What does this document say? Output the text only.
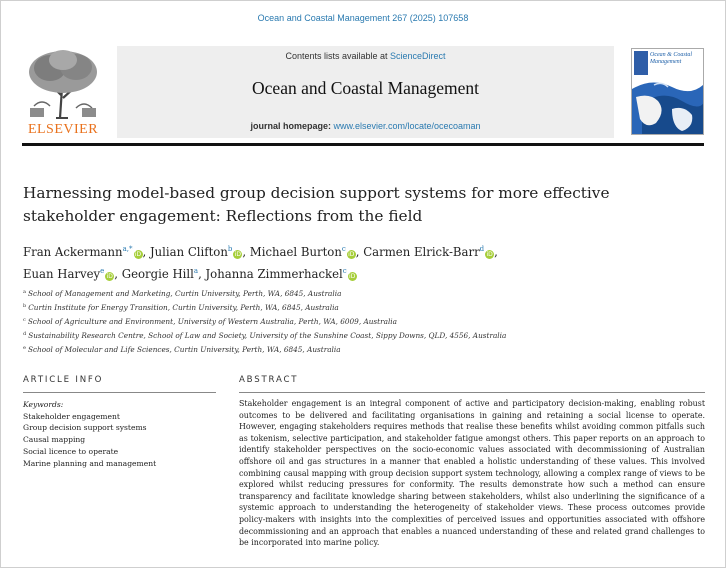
Ocean and Coastal Management 267 (2025) 107658
ELSEVIER
Contents lists available at ScienceDirect
Ocean and Coastal Management
journal homepage: www.elsevier.com/locate/ocecoaman
Ocean & Coastal Management
Harnessing model-based group decision support systems for more effective stakeholder engagement: Reflections from the field
Fran Ackermann$^{a,*}$iD, Julian Clifton$^b$iD, Michael Burton$^c$iD, Carmen Elrick-Barr$^d$iD,
Euan Harvey$^e$iD, Georgie Hill$^a$, Johanna Zimmerhackel$^c$iD
$^a$ School of Management and Marketing, Curtin University, Perth, WA, 6845, Australia
$^b$ Curtin Institute for Energy Transition, Curtin University, Perth, WA, 6845, Australia
$^c$ School of Agriculture and Environment, University of Western Australia, Perth, WA, 6009, Australia
$^d$ Sustainability Research Centre, School of Law and Society, University of the Sunshine Coast, Sippy Downs, QLD, 4556, Australia
$^e$ School of Molecular and Life Sciences, Curtin University, Perth, WA, 6845, Australia
ARTICLE INFO	ABSTRACT
Keywords:
Stakeholder engagement
Group decision support systems
Causal mapping
Social licence to operate
Marine planning and management
Stakeholder engagement is an integral component of active and participatory decision-making, enabling robust outcomes to be delivered and facilitating organisations in gaining and retaining a social license to operate. However, engaging stakeholders requires methods that realise these benefits whilst avoiding common pitfalls such as tokenism, selective participation, and stakeholder fatigue amongst others. This paper reports on an approach to identify stakeholder perspectives on the socio-economic values associated with decommissioning of Australian offshore oil and gas structures in a manner that enabled a holistic understanding of these values. This involved combining causal mapping with group decision support system technology, allowing a complex range of views to be explored whilst reducing pressures for conformity. The results demonstrate how such a method can ensure transparency and facilitate knowledge sharing between stakeholders, whilst also underlining the significance of a systemic approach to understanding the heterogeneity of stakeholder views. These process outcomes provide policy-makers with insights into the complexities of perceived issues and opportunities associated with offshore decommissioning and an approach that enables a nuanced understanding of these and related grand challenges to be incorporated into marine policy.
